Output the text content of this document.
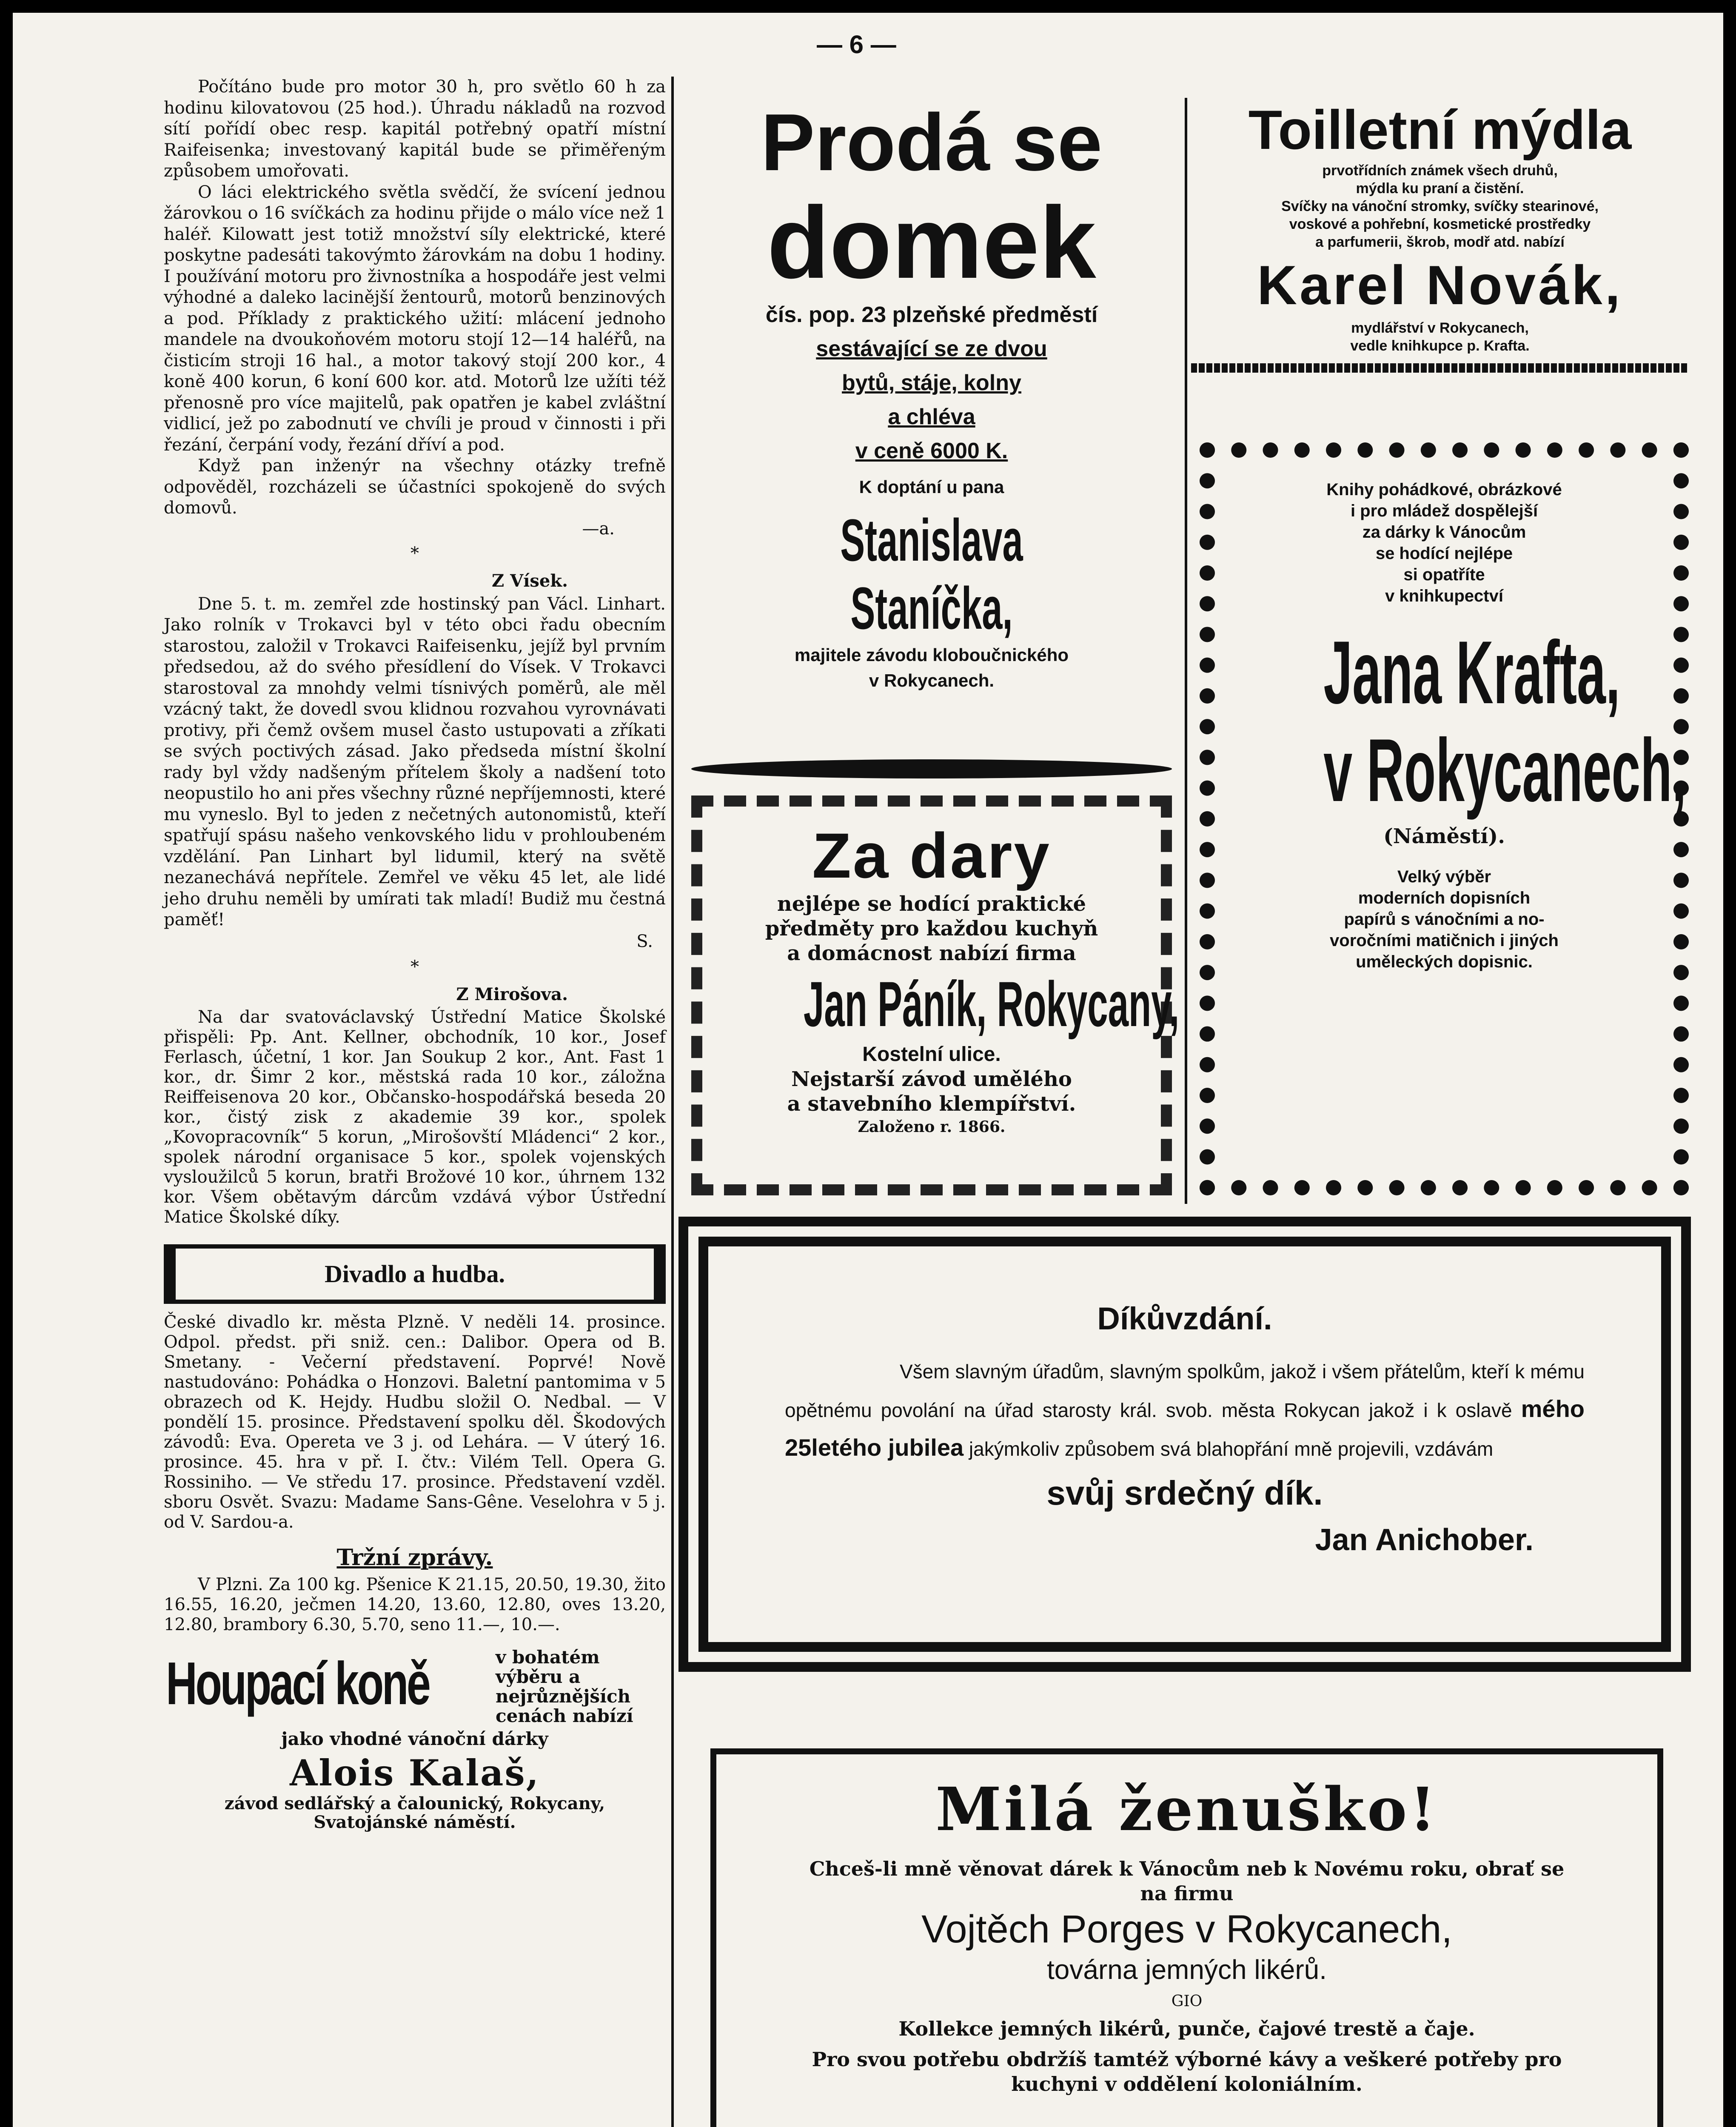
— 6 —

Počítáno bude pro motor 30 h, pro světlo 60 h za hodinu kilovatovou (25 hod.). Úhradu nákladů na rozvod sítí pořídí obec resp. kapitál potřebný opatří místní Raifeisenka; investovaný kapitál bude se přiměřeným způsobem umořovati.

O láci elektrického světla svědčí, že svícení jednou žárovkou o 16 svíčkách za hodinu přijde o málo více než 1 haléř. Kilowatt jest totiž množství síly elektrické, které poskytne padesáti takovýmto žárovkám na dobu 1 hodiny. I používání motoru pro živnostníka a hospodáře jest velmi výhodné a daleko lacinější žentourů, motorů benzinových a pod. Příklady z praktického užití: mlácení jednoho mandele na dvoukoňovém motoru stojí 12—14 haléřů, na čisticím stroji 16 hal., a motor takový stojí 200 kor., 4 koně 400 korun, 6 koní 600 kor. atd. Motorů lze užíti též přenosně pro více majitelů, pak opatřen je kabel zvláštní vidlicí, jež po zabodnutí ve chvíli je proud v činnosti i při řezání, čerpání vody, řezání dříví a pod.

Když pan inženýr na všechny otázky trefně odpověděl, rozcházeli se účastníci spokojeně do svých domovů.

—a.
*
Z Vísek.

Dne 5. t. m. zemřel zde hostinský pan Václ. Linhart. Jako rolník v Trokavci byl v této obci řadu obecním starostou, založil v Trokavci Raifeisenku, jejíž byl prvním předsedou, až do svého přesídlení do Vísek. V Trokavci starostoval za mnohdy velmi tísnivých poměrů, ale měl vzácný takt, že dovedl svou klidnou rozvahou vyrovnávati protivy, při čemž ovšem musel často ustupovati a zříkati se svých poctivých zásad. Jako předseda místní školní rady byl vždy nadšeným přítelem školy a nadšení toto neopustilo ho ani přes všechny různé nepříjemnosti, které mu vyneslo. Byl to jeden z nečetných autonomistů, kteří spatřují spásu našeho venkovského lidu v prohloubeném vzdělání. Pan Linhart byl lidumil, který na světě nezanechává nepřítele. Zemřel ve věku 45 let, ale lidé jeho druhu neměli by umírati tak mladí! Budiž mu čestná paměť!

S.
*
Z Mirošova.

Na dar svatováclavský Ústřední Matice Školské přispěli: Pp. Ant. Kellner, obchodník, 10 kor., Josef Ferlasch, účetní, 1 kor. Jan Soukup 2 kor., Ant. Fast 1 kor., dr. Šimr 2 kor., městská rada 10 kor., záložna Reiffeisenova 20 kor., Občansko-hospodářská beseda 20 kor., čistý zisk z akademie 39 kor., spolek „Kovopracovník“ 5 korun, „Mirošovští Mládenci“ 2 kor., spolek národní organisace 5 kor., spolek vojenských vysloužilců 5 korun, bratři Brožové 10 kor., úhrnem 132 kor. Všem obětavým dárcům vzdává výbor Ústřední Matice Školské díky.

Divadlo a hudba.

České divadlo kr. města Plzně. V neděli 14. prosince. Odpol. předst. při sniž. cen.: Dalibor. Opera od B. Smetany. - Večerní představení. Poprvé! Nově nastudováno: Pohádka o Honzovi. Baletní pantomima v 5 obrazech od K. Hejdy. Hudbu složil O. Nedbal. — V pondělí 15. prosince. Představení spolku děl. Škodových závodů: Eva. Opereta ve 3 j. od Lehára. — V úterý 16. prosince. 45. hra v př. I. čtv.: Vilém Tell. Opera G. Rossiniho. — Ve středu 17. prosince. Představení vzděl. sboru Osvět. Svazu: Madame Sans-Gêne. Veselohra v 5 j. od V. Sardou-a.

Tržní zprávy.

V Plzni. Za 100 kg. Pšenice K 21.15, 20.50, 19.30, žito 16.55, 16.20, ječmen 14.20, 13.60, 12.80, oves 13.20, 12.80, brambory 6.30, 5.70, seno 11.—, 10.—.

Houpací koně	v bohatém výběru a nejrůznějších cenách nabízí
jako vhodné vánoční dárky
Alois Kalaš,
závod sedlářský a čalounický, Rokycany,
Svatojánské náměstí.
Prodá se
domek
čís. pop. 23 plzeňské předměstí
sestávající se ze dvou
bytů, stáje, kolny
a chlévа
v ceně 6000 K.
K doptání u pana
Stanislava Staníčka,
majitele závodu kloboučnického
v Rokycanech.
Za dary
nejlépe se hodící praktické
předměty pro každou kuchyň
a domácnost nabízí firma
Jan Páník, Rokycany,
Kostelní ulice.
Nejstarší závod umělého
a stavebního klempířství.
Založeno r. 1866.
Toilletní mýdla
prvotřídních známek všech druhů,
mýdla ku praní a čistění.
Svíčky na vánoční stromky, svíčky stearinové,
voskové a pohřební, kosmetické prostředky
a parfumerii, škrob, modř atd. nabízí
Karel Novák,
mydlářství v Rokycanech,
vedle knihkupce p. Krafta.
Knihy pohádkové, obrázkové
i pro mládež dospělejší
za dárky k Vánocům
se hodící nejlépe
si opatříte
v knihkupectví
Jana Krafta,
v Rokycanech,
(Náměstí).
Velký výběr
moderních dopisních
papírů s vánočními a no-
voročními matičnich i jiných
uměleckých dopisnic.
Díkůvzdání.

Všem slavným úřadům, slavným spolkům, jakož i všem přátelům, kteří k mému opětnému povolání na úřad starosty král. svob. města Rokycan jakož i k oslavě mého 25letého jubilea jakýmkoliv způsobem svá blahopřání mně projevili, vzdávám

svůj srdečný dík.
Jan Anichober.
Milá ženuško!
Chceš-li mně věnovat dárek k Vánocům neb k Novému roku, obrať se
na firmu
Vojtěch Porges v Rokycanech,
továrna jemných likérů.
GIO
Kollekce jemných likérů, punče, čajové trestě a čaje.
Pro svou potřebu obdržíš tamtéž výborné kávy a veškeré potřeby pro
kuchyni v oddělení koloniálním.
